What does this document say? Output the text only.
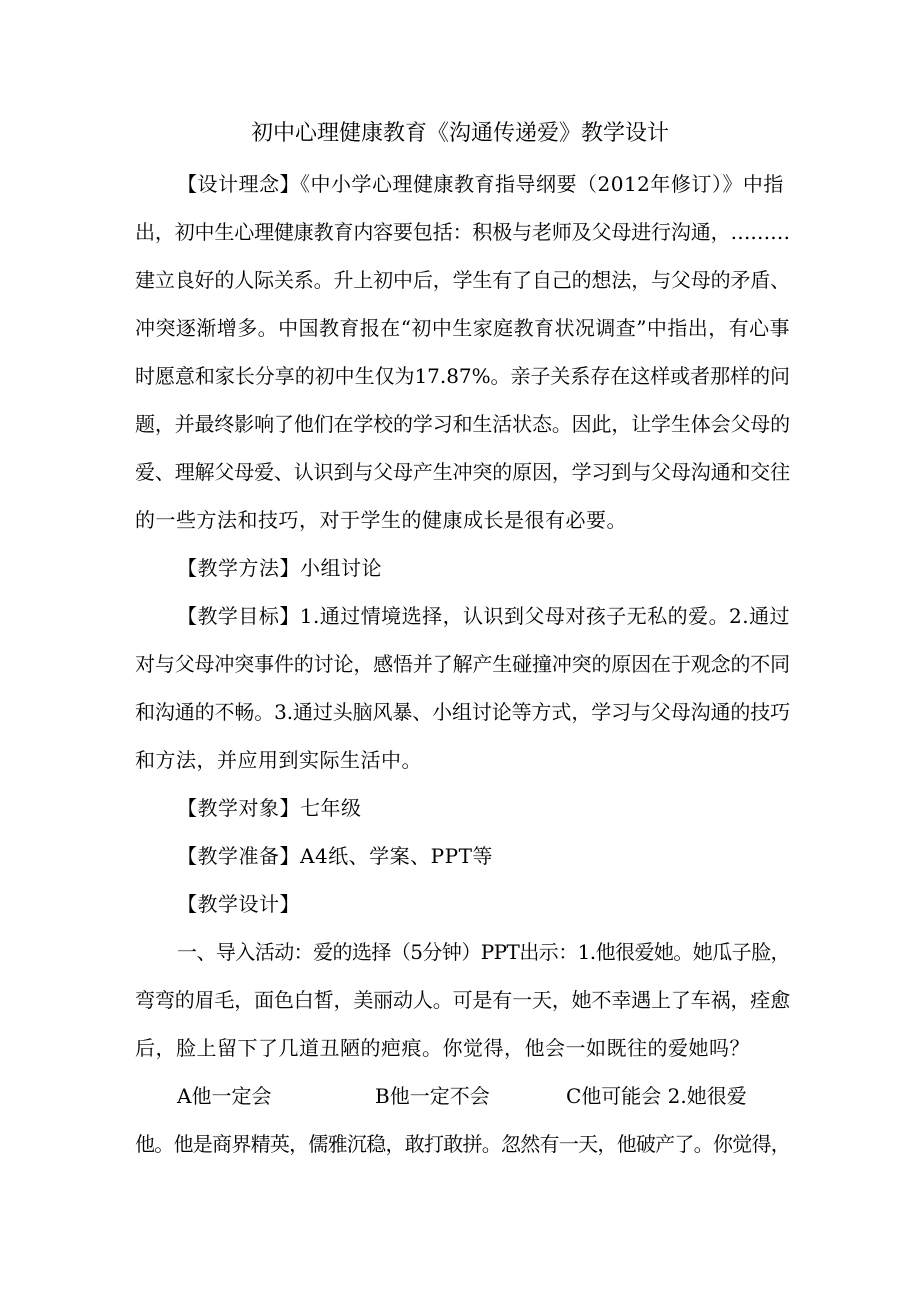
初中心理健康教育《沟通传递爱》教学设计
【设计理念】《中小学心理健康教育指导纲要（2012年修订）》中指
出，初中生心理健康教育内容要包括：积极与老师及父母进行沟通，………
建立良好的人际关系。升上初中后，学生有了自己的想法，与父母的矛盾、
冲突逐渐增多。中国教育报在“初中生家庭教育状况调查”中指出，有心事
时愿意和家长分享的初中生仅为17.87%。亲子关系存在这样或者那样的问
题，并最终影响了他们在学校的学习和生活状态。因此，让学生体会父母的
爱、理解父母爱、认识到与父母产生冲突的原因，学习到与父母沟通和交往
的一些方法和技巧，对于学生的健康成长是很有必要。
【教学方法】小组讨论
【教学目标】1.通过情境选择，认识到父母对孩子无私的爱。2.通过
对与父母冲突事件的讨论，感悟并了解产生碰撞冲突的原因在于观念的不同
和沟通的不畅。3.通过头脑风暴、小组讨论等方式，学习与父母沟通的技巧
和方法，并应用到实际生活中。
【教学对象】七年级
【教学准备】A4纸、学案、PPT等
【教学设计】
一、导入活动：爱的选择（5分钟）PPT出示：1.他很爱她。她瓜子脸，
弯弯的眉毛，面色白皙，美丽动人。可是有一天，她不幸遇上了车祸，痊愈
后，脸上留下了几道丑陋的疤痕。你觉得，他会一如既往的爱她吗？
A他一定会	B他一定不会	C他可能会 2.她很爱
他。他是商界精英，儒雅沉稳，敢打敢拼。忽然有一天，他破产了。你觉得，
